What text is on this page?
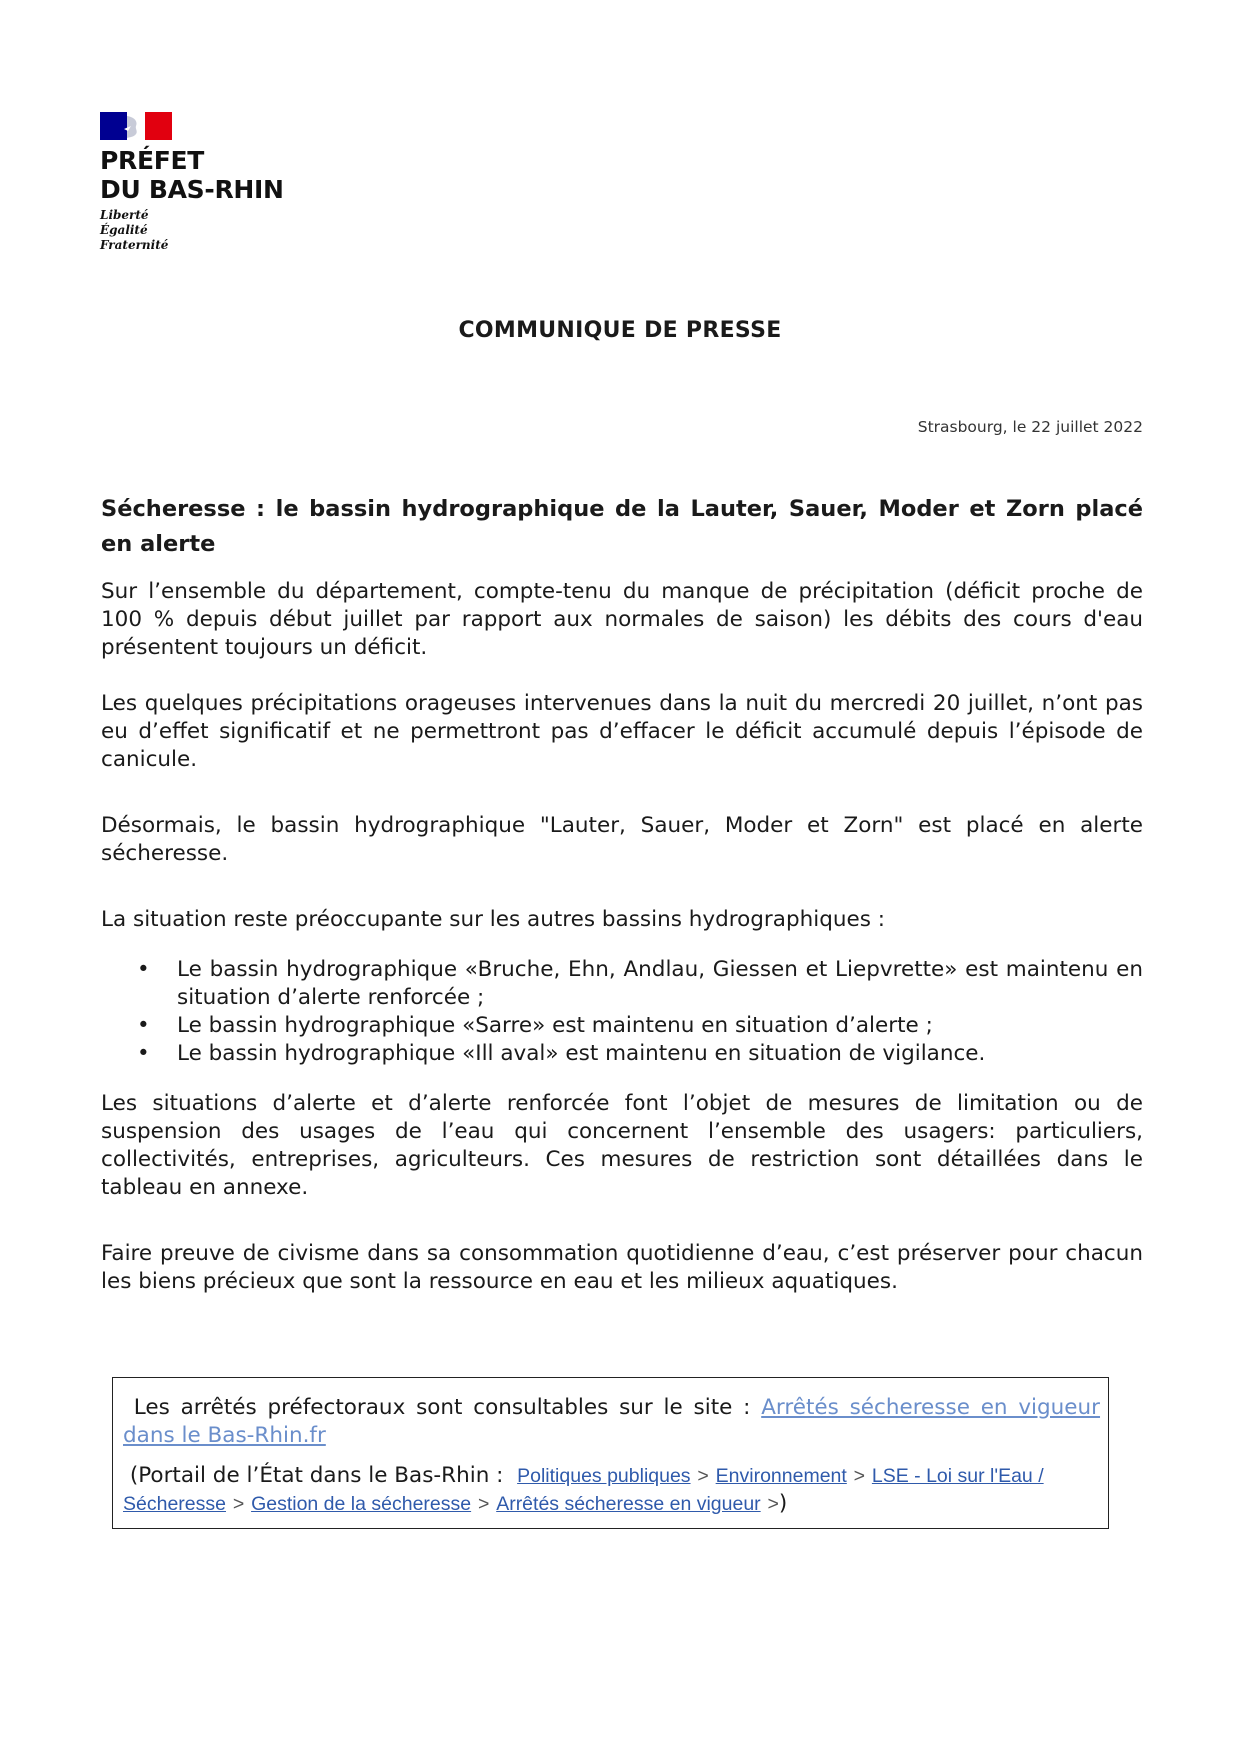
PRÉFET
DU BAS-RHIN
Liberté
Égalité
Fraternité
COMMUNIQUE DE PRESSE
Strasbourg, le 22 juillet 2022

Sécheresse : le bassin hydrographique de la Lauter, Sauer, Moder et Zorn placé en alerte

Sur l’ensemble du département, compte-tenu du manque de précipitation (déficit proche de 100 % depuis début juillet par rapport aux normales de saison) les débits des cours d'eau présentent toujours un déficit.

Les quelques précipitations orageuses intervenues dans la nuit du mercredi 20 juillet, n’ont pas eu d’effet significatif et ne permettront pas d’effacer le déficit accumulé depuis l’épisode de canicule.

Désormais, le bassin hydrographique "Lauter, Sauer, Moder et Zorn" est placé en alerte sécheresse.

La situation reste préoccupante sur les autres bassins hydrographiques :

• Le bassin hydrographique «Bruche, Ehn, Andlau, Giessen et Liepvrette» est maintenu en situation d’alerte renforcée ;
• Le bassin hydrographique «Sarre» est maintenu en situation d’alerte ;
• Le bassin hydrographique «Ill aval» est maintenu en situation de vigilance.

Les situations d’alerte et d’alerte renforcée font l’objet de mesures de limitation ou de suspension des usages de l’eau qui concernent l’ensemble des usagers: particuliers, collectivités, entreprises, agriculteurs. Ces mesures de restriction sont détaillées dans le tableau en annexe.

Faire preuve de civisme dans sa consommation quotidienne d’eau, c’est préserver pour chacun les biens précieux que sont la ressource en eau et les milieux aquatiques.

Les arrêtés préfectoraux sont consultables sur le site : Arrêtés sécheresse en vigueur dans le Bas-Rhin.fr
(Portail de l’État dans le Bas-Rhin : Politiques publiques > Environnement > LSE - Loi sur l'Eau / Sécheresse > Gestion de la sécheresse > Arrêtés sécheresse en vigueur >)
